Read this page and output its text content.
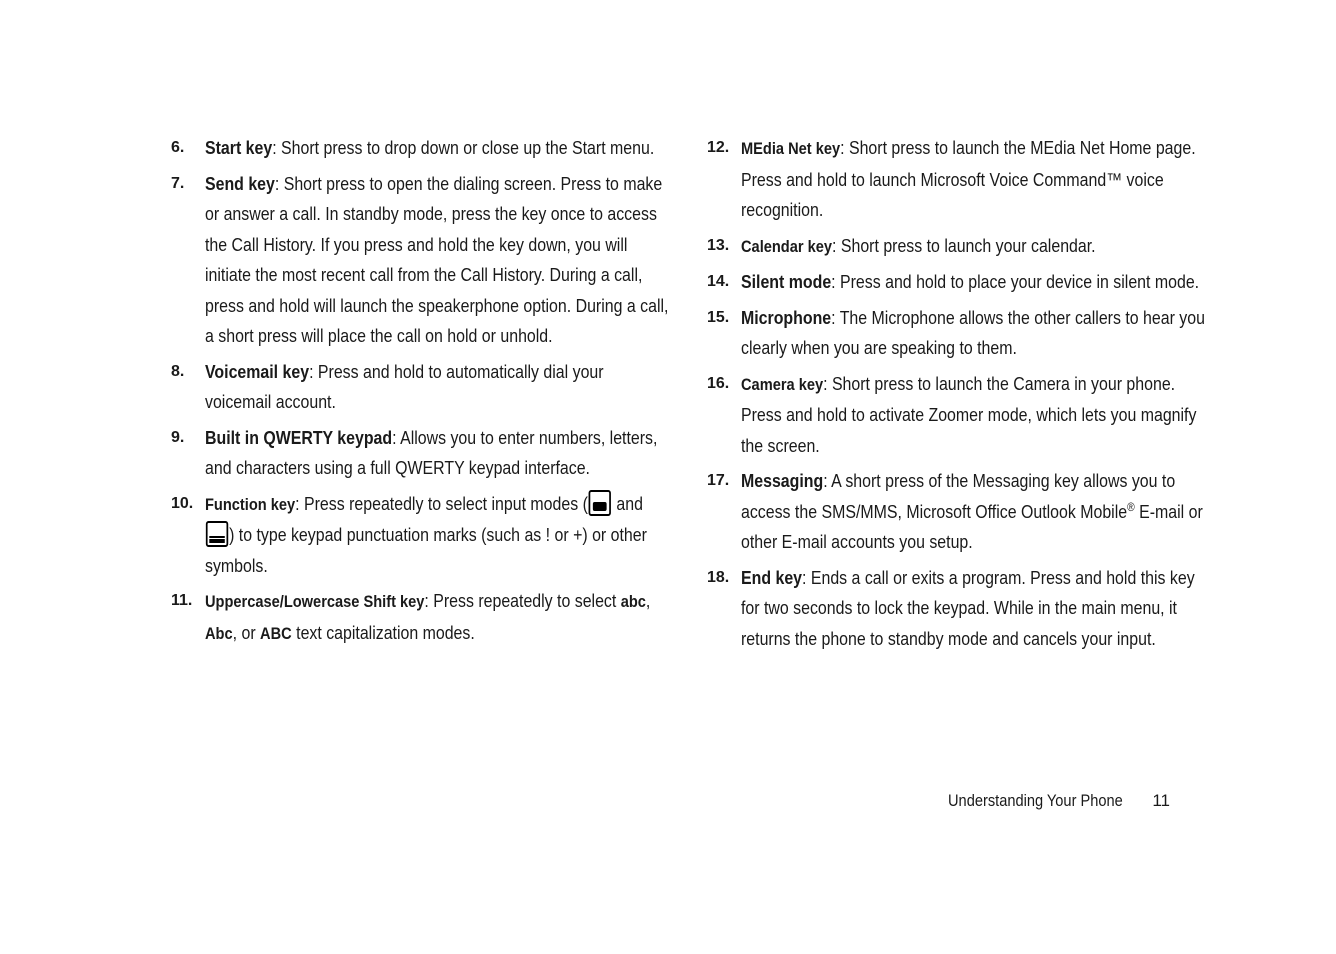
6. Start key: Short press to drop down or close up the Start menu.
7. Send key: Short press to open the dialing screen. Press to make or answer a call. In standby mode, press the key once to access the Call History. If you press and hold the key down, you will initiate the most recent call from the Call History. During a call, press and hold will launch the speakerphone option. During a call, a short press will place the call on hold or unhold.
8. Voicemail key: Press and hold to automatically dial your voicemail account.
9. Built in QWERTY keypad: Allows you to enter numbers, letters, and characters using a full QWERTY keypad interface.
10. Function key: Press repeatedly to select input modes ( and ) to type keypad punctuation marks (such as ! or +) or other symbols.
11. Uppercase/Lowercase Shift key: Press repeatedly to select abc, Abc, or ABC text capitalization modes.
12. MEdia Net key: Short press to launch the MEdia Net Home page. Press and hold to launch Microsoft Voice Command™ voice recognition.
13. Calendar key: Short press to launch your calendar.
14. Silent mode: Press and hold to place your device in silent mode.
15. Microphone: The Microphone allows the other callers to hear you clearly when you are speaking to them.
16. Camera key: Short press to launch the Camera in your phone. Press and hold to activate Zoomer mode, which lets you magnify the screen.
17. Messaging: A short press of the Messaging key allows you to access the SMS/MMS, Microsoft Office Outlook Mobile® E-mail or other E-mail accounts you setup.
18. End key: Ends a call or exits a program. Press and hold this key for two seconds to lock the keypad. While in the main menu, it returns the phone to standby mode and cancels your input.
Understanding Your Phone 11
